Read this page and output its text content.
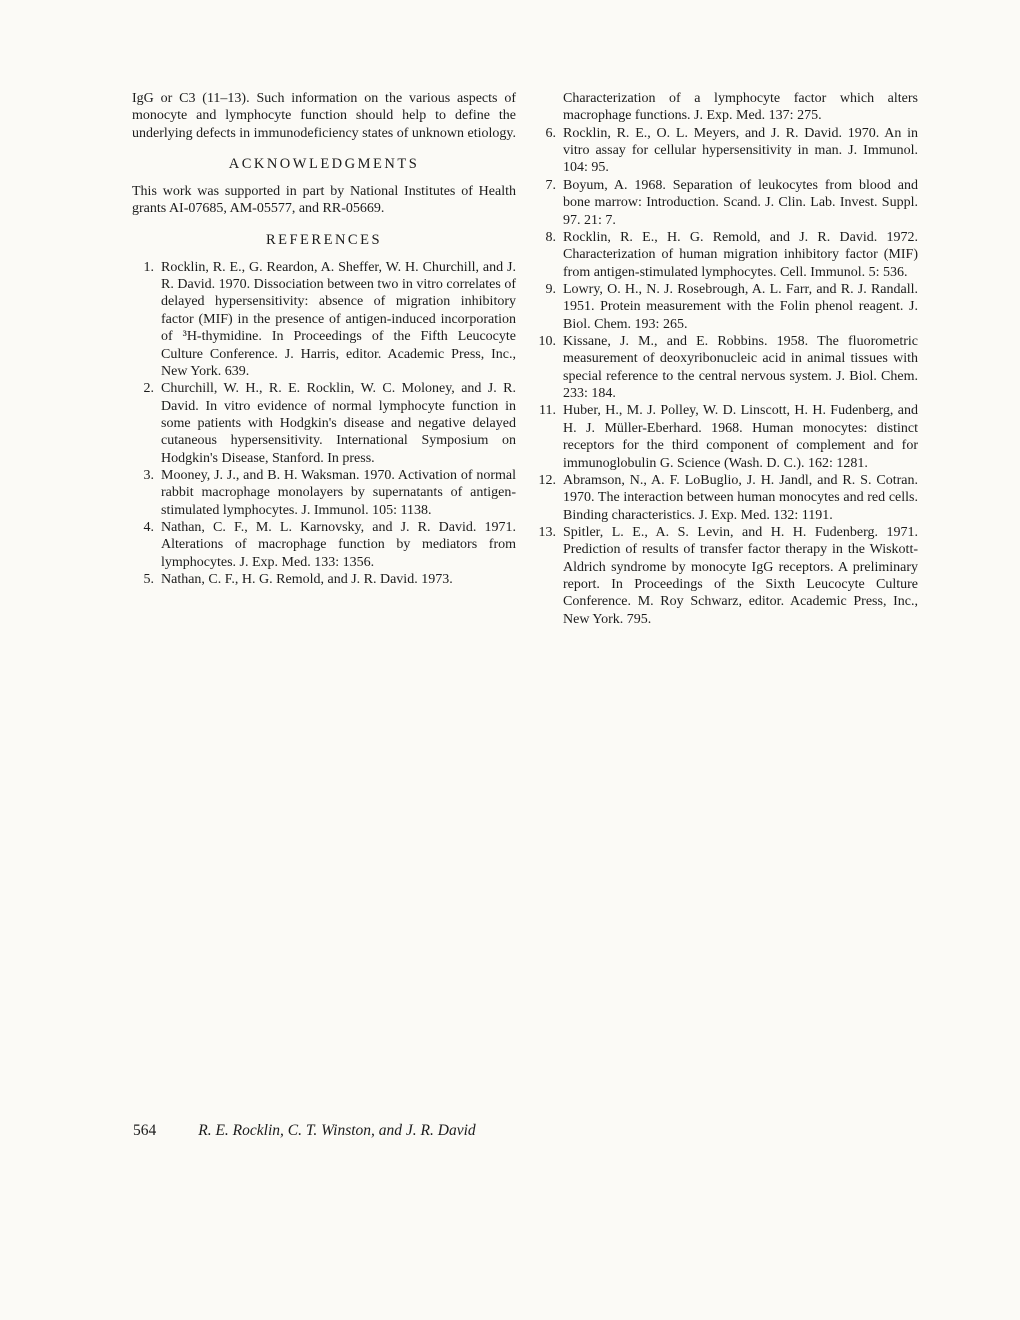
IgG or C3 (11–13). Such information on the various aspects of monocyte and lymphocyte function should help to define the underlying defects in immunodeficiency states of unknown etiology.

ACKNOWLEDGMENTS

This work was supported in part by National Institutes of Health grants AI-07685, AM-05577, and RR-05669.

REFERENCES
1. Rocklin, R. E., G. Reardon, A. Sheffer, W. H. Churchill, and J. R. David. 1970. Dissociation between two in vitro correlates of delayed hypersensitivity: absence of migration inhibitory factor (MIF) in the presence of antigen-induced incorporation of ³H-thymidine. In Proceedings of the Fifth Leucocyte Culture Conference. J. Harris, editor. Academic Press, Inc., New York. 639.
2. Churchill, W. H., R. E. Rocklin, W. C. Moloney, and J. R. David. In vitro evidence of normal lymphocyte function in some patients with Hodgkin's disease and negative delayed cutaneous hypersensitivity. International Symposium on Hodgkin's Disease, Stanford. In press.
3. Mooney, J. J., and B. H. Waksman. 1970. Activation of normal rabbit macrophage monolayers by supernatants of antigen-stimulated lymphocytes. J. Immunol. 105: 1138.
4. Nathan, C. F., M. L. Karnovsky, and J. R. David. 1971. Alterations of macrophage function by mediators from lymphocytes. J. Exp. Med. 133: 1356.
5. Nathan, C. F., H. G. Remold, and J. R. David. 1973.

Characterization of a lymphocyte factor which alters macrophage functions. J. Exp. Med. 137: 275.

6. Rocklin, R. E., O. L. Meyers, and J. R. David. 1970. An in vitro assay for cellular hypersensitivity in man. J. Immunol. 104: 95.
7. Boyum, A. 1968. Separation of leukocytes from blood and bone marrow: Introduction. Scand. J. Clin. Lab. Invest. Suppl. 97. 21: 7.
8. Rocklin, R. E., H. G. Remold, and J. R. David. 1972. Characterization of human migration inhibitory factor (MIF) from antigen-stimulated lymphocytes. Cell. Immunol. 5: 536.
9. Lowry, O. H., N. J. Rosebrough, A. L. Farr, and R. J. Randall. 1951. Protein measurement with the Folin phenol reagent. J. Biol. Chem. 193: 265.
10. Kissane, J. M., and E. Robbins. 1958. The fluorometric measurement of deoxyribonucleic acid in animal tissues with special reference to the central nervous system. J. Biol. Chem. 233: 184.
11. Huber, H., M. J. Polley, W. D. Linscott, H. H. Fudenberg, and H. J. Müller-Eberhard. 1968. Human monocytes: distinct receptors for the third component of complement and for immunoglobulin G. Science (Wash. D. C.). 162: 1281.
12. Abramson, N., A. F. LoBuglio, J. H. Jandl, and R. S. Cotran. 1970. The interaction between human monocytes and red cells. Binding characteristics. J. Exp. Med. 132: 1191.
13. Spitler, L. E., A. S. Levin, and H. H. Fudenberg. 1971. Prediction of results of transfer factor therapy in the Wiskott-Aldrich syndrome by monocyte IgG receptors. A preliminary report. In Proceedings of the Sixth Leucocyte Culture Conference. M. Roy Schwarz, editor. Academic Press, Inc., New York. 795.
564	R. E. Rocklin, C. T. Winston, and J. R. David
